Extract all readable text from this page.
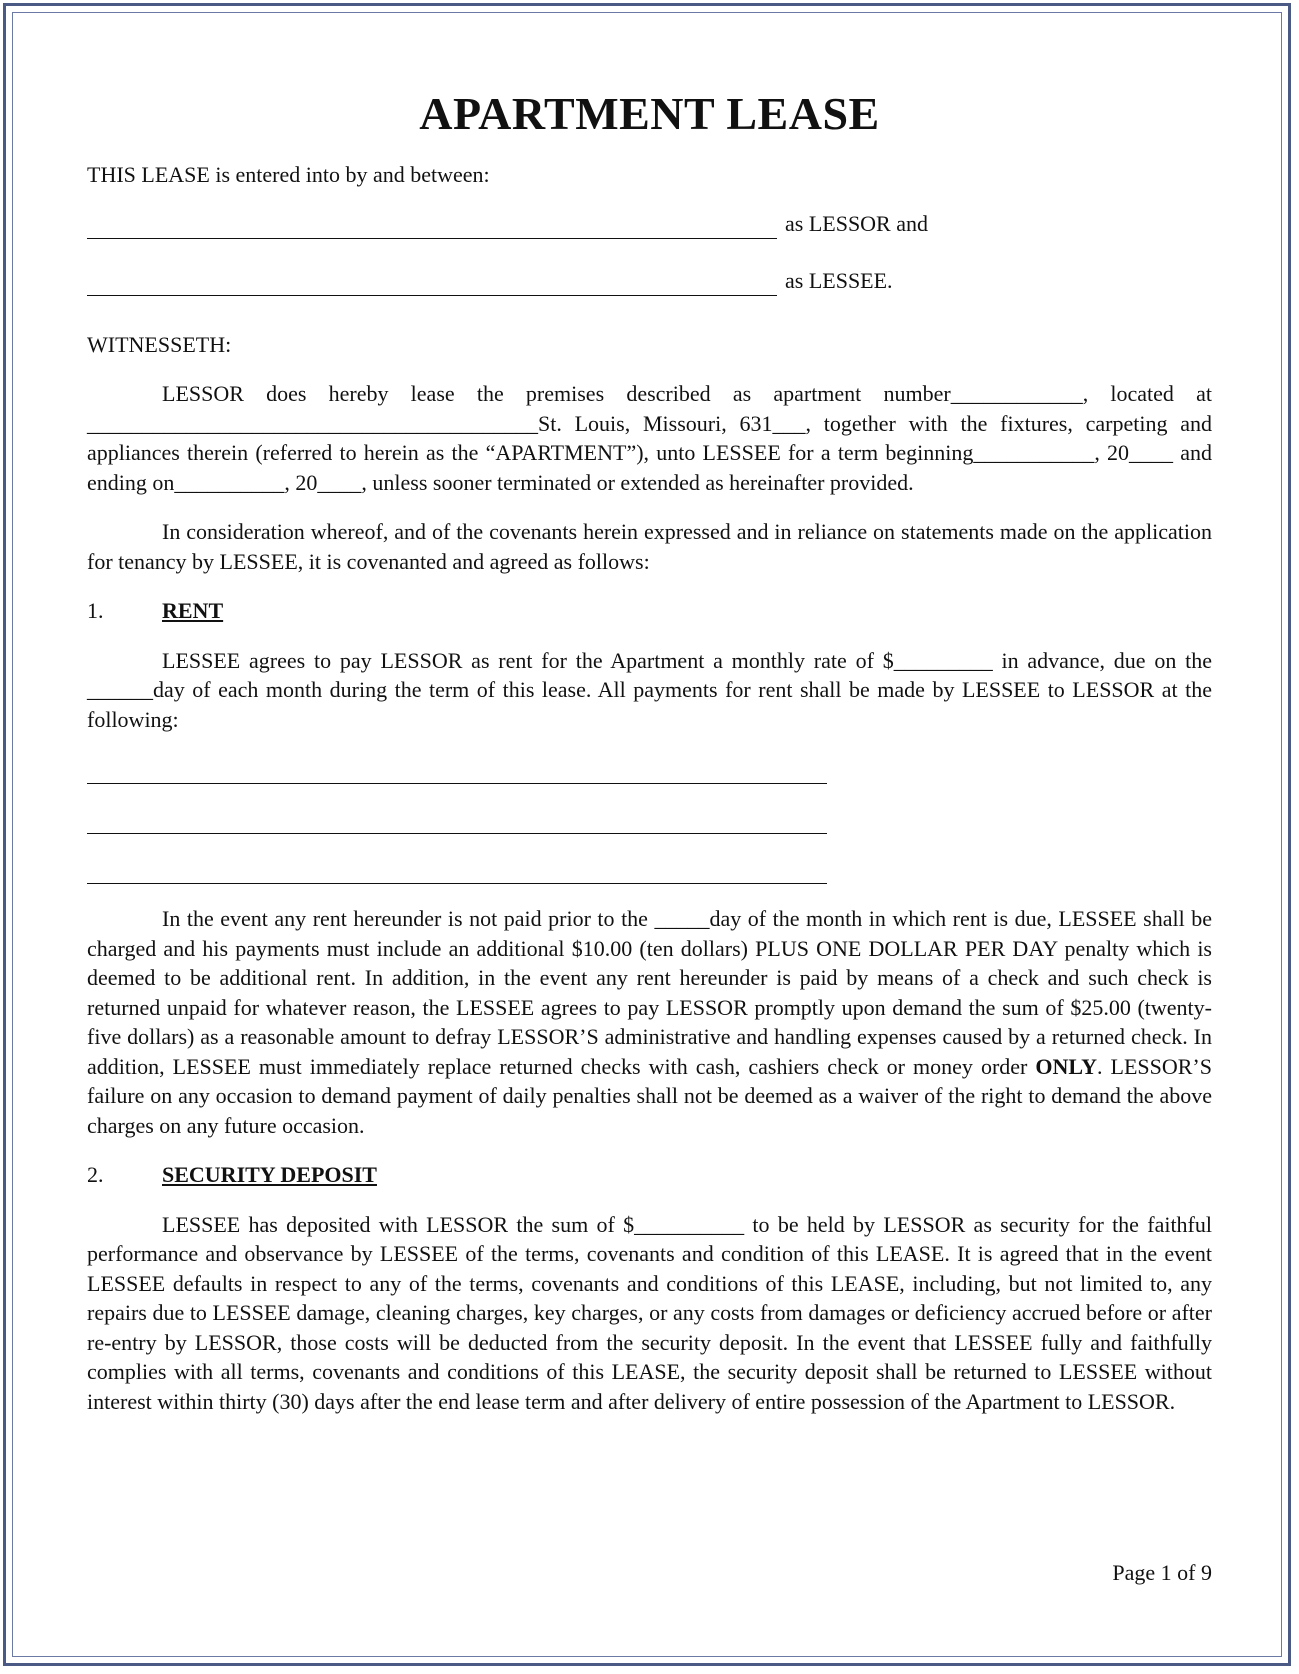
APARTMENT LEASE

THIS LEASE is entered into by and between:

as LESSOR and
as LESSEE.

WITNESSETH:

LESSOR does hereby lease the premises described as apartment number____________, located at _________________________________________St. Louis, Missouri, 631___, together with the fixtures, carpeting and appliances therein (referred to herein as the “APARTMENT”), unto LESSEE for a term beginning___________, 20____ and ending on__________, 20____, unless sooner terminated or extended as hereinafter provided.

In consideration whereof, and of the covenants herein expressed and in reliance on statements made on the application for tenancy by LESSEE, it is covenanted and agreed as follows:

1.	RENT

LESSEE agrees to pay LESSOR as rent for the Apartment a monthly rate of $_________ in advance, due on the ______day of each month during the term of this lease. All payments for rent shall be made by LESSEE to LESSOR at the following:

In the event any rent hereunder is not paid prior to the _____day of the month in which rent is due, LESSEE shall be charged and his payments must include an additional $10.00 (ten dollars) PLUS ONE DOLLAR PER DAY penalty which is deemed to be additional rent. In addition, in the event any rent hereunder is paid by means of a check and such check is returned unpaid for whatever reason, the LESSEE agrees to pay LESSOR promptly upon demand the sum of $25.00 (twenty-five dollars) as a reasonable amount to defray LESSOR’S administrative and handling expenses caused by a returned check. In addition, LESSEE must immediately replace returned checks with cash, cashiers check or money order ONLY. LESSOR’S failure on any occasion to demand payment of daily penalties shall not be deemed as a waiver of the right to demand the above charges on any future occasion.

2.	SECURITY DEPOSIT

LESSEE has deposited with LESSOR the sum of $__________ to be held by LESSOR as security for the faithful performance and observance by LESSEE of the terms, covenants and condition of this LEASE. It is agreed that in the event LESSEE defaults in respect to any of the terms, covenants and conditions of this LEASE, including, but not limited to, any repairs due to LESSEE damage, cleaning charges, key charges, or any costs from damages or deficiency accrued before or after re-entry by LESSOR, those costs will be deducted from the security deposit. In the event that LESSEE fully and faithfully complies with all terms, covenants and conditions of this LEASE, the security deposit shall be returned to LESSEE without interest within thirty (30) days after the end lease term and after delivery of entire possession of the Apartment to LESSOR.

Page 1 of 9
